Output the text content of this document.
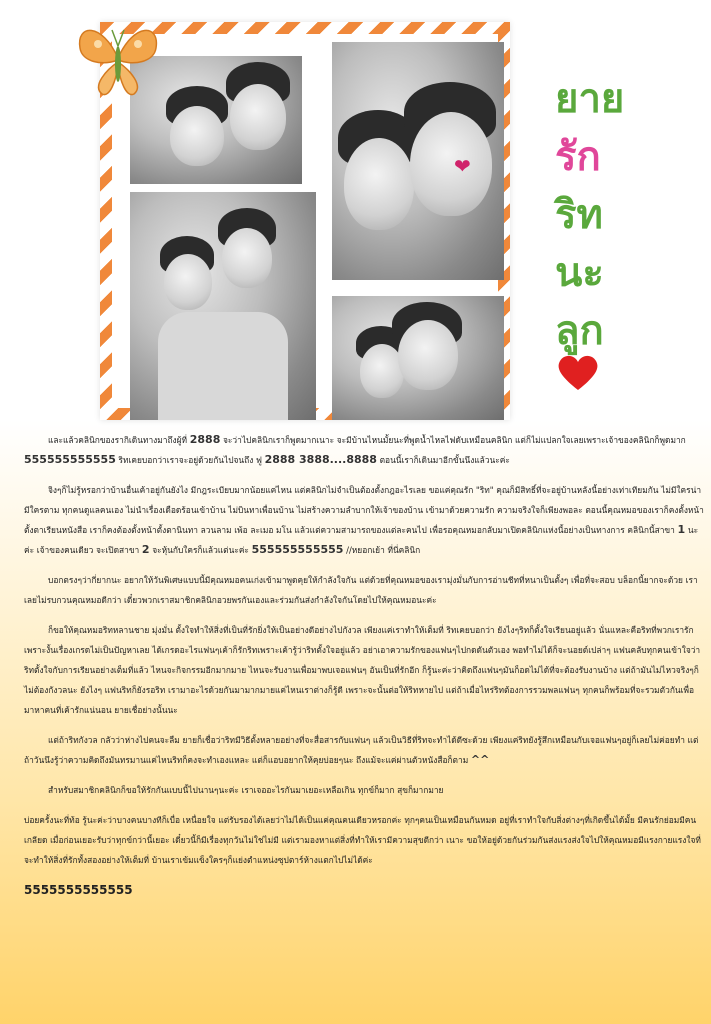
❤
ยาย
รัก
ริท
นะ
ลูก

และแล้วคลินิกของรากิเดินทางมาถึงผู้ที่ 2888 จะว่าไปคลินิกเราก็พูดมากเนาะ จะมีบ้านไหนมั้ยนะที่พูดน้ำไหลไฟดับเหมือนคลินิก แต่ก็ไม่แปลกใจเลยเพราะเจ้าของคลินิกก็พูดมาก 555555555555 ริทเคยบอกว่าเราจะอยู่ด้วยกันไปจนถึง ฟู 2888 3888....8888 ตอนนี้เราก็เดินมาอีกขั้นนึงแล้วนะค่ะ

จิงๆก็ไม่รู้หรอกว่าบ้านอื่นเค้าอยู่กันยังไง มีกฎระเบียบมากน้อยแค่ไหน แต่คลินิกไม่จำเป็นต้องตั้งกฎอะไรเลย ขอแค่คุณรัก "ริท" คุณก็มีสิทธิ์ที่จะอยู่บ้านหลังนี้อย่างเท่าเทียมกัน ไม่มีใครน่ามีใครตาม ทุกคนดูแลคนเอง ไม่นำเรื่องเดือดร้อนเข้าบ้าน ไม่บินทาเพื่อนบ้าน ไม่สร้างความลำบากให้เจ้าของบ้าน เข้ามาด้วยความรัก ความจริงใจก็เพียงพอละ ตอนนี้คุณหมอของเราก็คงตั้งหน้าตั้งตาเรียนหนังสือ เราก็คงต้องตั้งหน้าตั้งตานินทา ลวนลาม เพ้อ ละเมอ มโน แล้วแต่ความสามารถของแต่ละคนไป เพื่อรอคุณหมอกลับมาเปิดคลินิกแห่งนี้อย่างเป็นทางการ คลินิกนี้สาขา 1 นะค่ะ เจ้าของคนเดียว จะเปิดสาขา 2 จะหุ้นกับใครก็แล้วแต่นะค่ะ 555555555555 //หยอกเย้า ที่นี่คลินิก

บอกตรงๆว่ากี่ยากนะ อยากให้วันพิเศษแบบนี้มีคุณหมอคนเก่งเข้ามาพูดคุยให้กำลังใจกัน แต่ด้วยที่คุณหมอของเรามุ่งมั่นกับการอ่านชีทที่หนาเป็นตั้งๆ เพื่อที่จะสอบ บล็อกนี้ยากจะด้วย เราเลยไม่รบกวนคุณหมอดีกว่า เดี๋ยวพวกเราสมาชิกคลินิกอวยพรกันเองและร่วมกันส่งกำลังใจกันโดยไปให้คุณหมอนะค่ะ

ก็ขอให้คุณหมอริทหลานชาย มุ่งมั่น ตั้งใจทำให้สิ่งที่เป็นที่รักยิ่งให้เป็นอย่างดีอย่างไปกังวล เพียงแค่เราทำให้เต็มที่ ริทเคยบอกว่า ยังไงๆริทก็ตั้งใจเรียนอยู่แล้ว นั่นแหละคือริทที่พวกเรารัก เพราะงั้นเรื่องเกรดไม่เป็นปัญหาเลย ได้เกรดอะไรแฟนๆเค้าก็รักริทเพราะเค้ารู้ว่าริทตั้งใจอยู่แล้ว อย่าเอาความรักของแฟนๆไปกดดันตัวเอง พอทำไม่ได้ก็จะนอยด์เปล่าๆ แฟนคลับทุกคนเข้าใจว่าริทตั้งใจกับการเรียนอย่างเต็มที่แล้ว ไหนจะกิจกรรมอีกมากมาย ไหนจะรับงานเพื่อมาพบเจอแฟนๆ อันเป็นที่รักอีก ก็รู้นะค่ะว่าคิดถึงแฟนๆมันก็อดไม่ได้ที่จะต้องรับงานบ้าง แต่ถ้ามันไม่ไหวจริงๆก็ไม่ต้องกังวลนะ ยังไงๆ แฟนริทก็ยังรอริท เรามาอะไรด้วยกันมามากมายแค่ไหนเราต่างก็รู้ดี เพราะจะนั้นต่อให้ริทหายไป แต่ถ้าเมื่อไหร่ริทต้องการรวมพลแฟนๆ ทุกคนก็พร้อมที่จะรวมตัวกันเพื่อมาหาคนที่เค้ารักแน่นอน ยายเชื่อย่างนั้นนะ

แต่ถ้าริทกังวล กลัวว่าห่างไปคนจะลืม ยายก็เชื่อว่าริทมีวิธีตั้งหลายอย่างที่จะสื่อสารกับแฟนๆ แล้วเป็นวิธีที่ริทจะทำได้ดีซะด้วย เพียงแค่ริทยังรู้สึกเหมือนกับเจอแฟนๆอยู่ก็เลยไม่ค่อยทำ แต่ถ้าวันนึงรู้ว่าความคิดถึงมันทรมานแค่ไหนริทก็คงจะทำเองแหละ แต่ก็แอบอยากให้คุยบ่อยๆนะ ถึงแม้จะแค่ผ่านตัวหนังสือก็ตาม ^^

สำหรับสมาชิกคลินิกก็ขอให้รักกันแบบนี้ไปนานๆนะค่ะ เราเจออะไรกันมาเยอะเหลือเกิน ทุกข์ก็มาก สุขก็มากมาย

บ่อยครั้งนะที่ท้อ รู้นะค่ะว่าบางคนบางทีก็เบื่อ เหนื่อยใจ แต่รับรองได้เลยว่าไม่ได้เป็นแค่คุณคนเดียวหรอกค่ะ ทุกๆคนเป็นเหมือนกันหมด อยู่ที่เราทำใจกับสิ่งต่างๆที่เกิดขึ้นได้มั้ย มีคนรักย่อมมีคนเกลียด เมื่อก่อนเยอะรับว่าทุกข์กว่านี้เยอะ เดี๋ยวนี้ก็มีเรื่องทุกวันไม่ใช่ไม่มี แต่เรามองหาแต่สิ่งที่ทำให้เรามีความสุขดีกว่า เนาะ ขอให้อยู่ด้วยกันร่วมกันส่งแรงส่งใจไปให้คุณหมอมีแรงกายแรงใจที่จะทำให้สิ่งที่รักทั้งสองอย่างให้เต็มที่ บ้านเราเข้มแข็งใครๆก็แย่งตำแหน่งซุปตาร์ห้างแตกไปไม่ได้ค่ะ

5555555555555
